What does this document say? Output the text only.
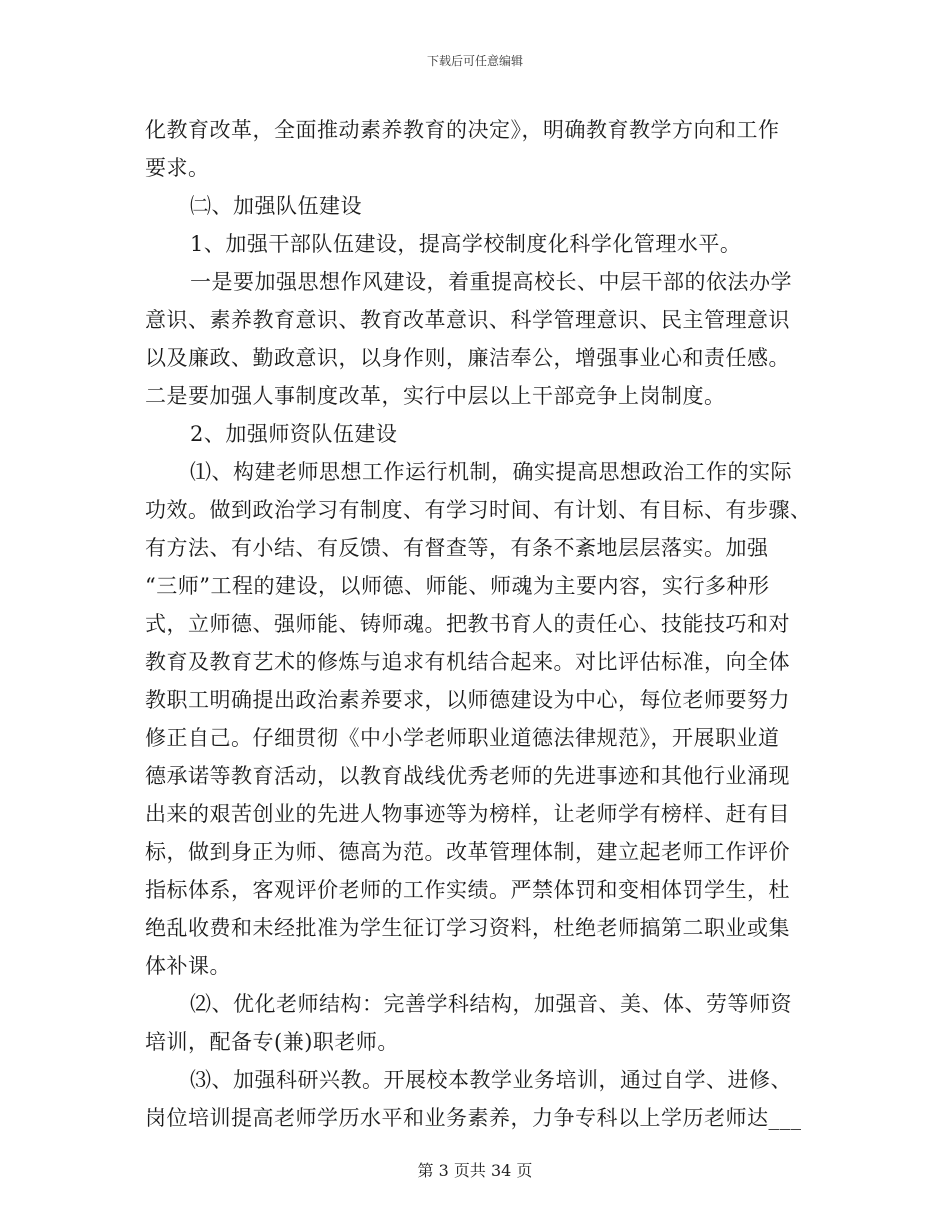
下载后可任意编辑
化教育改革，全面推动素养教育的决定》，明确教育教学方向和工作
要求。
㈡、加强队伍建设
1、加强干部队伍建设，提高学校制度化科学化管理水平。
一是要加强思想作风建设，着重提高校长、中层干部的依法办学
意识、素养教育意识、教育改革意识、科学管理意识、民主管理意识
以及廉政、勤政意识，以身作则，廉洁奉公，增强事业心和责任感。
二是要加强人事制度改革，实行中层以上干部竞争上岗制度。
2、加强师资队伍建设
⑴、构建老师思想工作运行机制，确实提高思想政治工作的实际
功效。做到政治学习有制度、有学习时间、有计划、有目标、有步骤、
有方法、有小结、有反馈、有督查等，有条不紊地层层落实。加强
“三师”工程的建设，以师德、师能、师魂为主要内容，实行多种形
式，立师德、强师能、铸师魂。把教书育人的责任心、技能技巧和对
教育及教育艺术的修炼与追求有机结合起来。对比评估标准，向全体
教职工明确提出政治素养要求，以师德建设为中心，每位老师要努力
修正自己。仔细贯彻《中小学老师职业道德法律规范》，开展职业道
德承诺等教育活动，以教育战线优秀老师的先进事迹和其他行业涌现
出来的艰苦创业的先进人物事迹等为榜样，让老师学有榜样、赶有目
标，做到身正为师、德高为范。改革管理体制，建立起老师工作评价
指标体系，客观评价老师的工作实绩。严禁体罚和变相体罚学生，杜
绝乱收费和未经批准为学生征订学习资料，杜绝老师搞第二职业或集
体补课。
⑵、优化老师结构：完善学科结构，加强音、美、体、劳等师资
培训，配备专(兼)职老师。
⑶、加强科研兴教。开展校本教学业务培训，通过自学、进修、
岗位培训提高老师学历水平和业务素养，力争专科以上学历老师达___
第 3 页共 34 页
